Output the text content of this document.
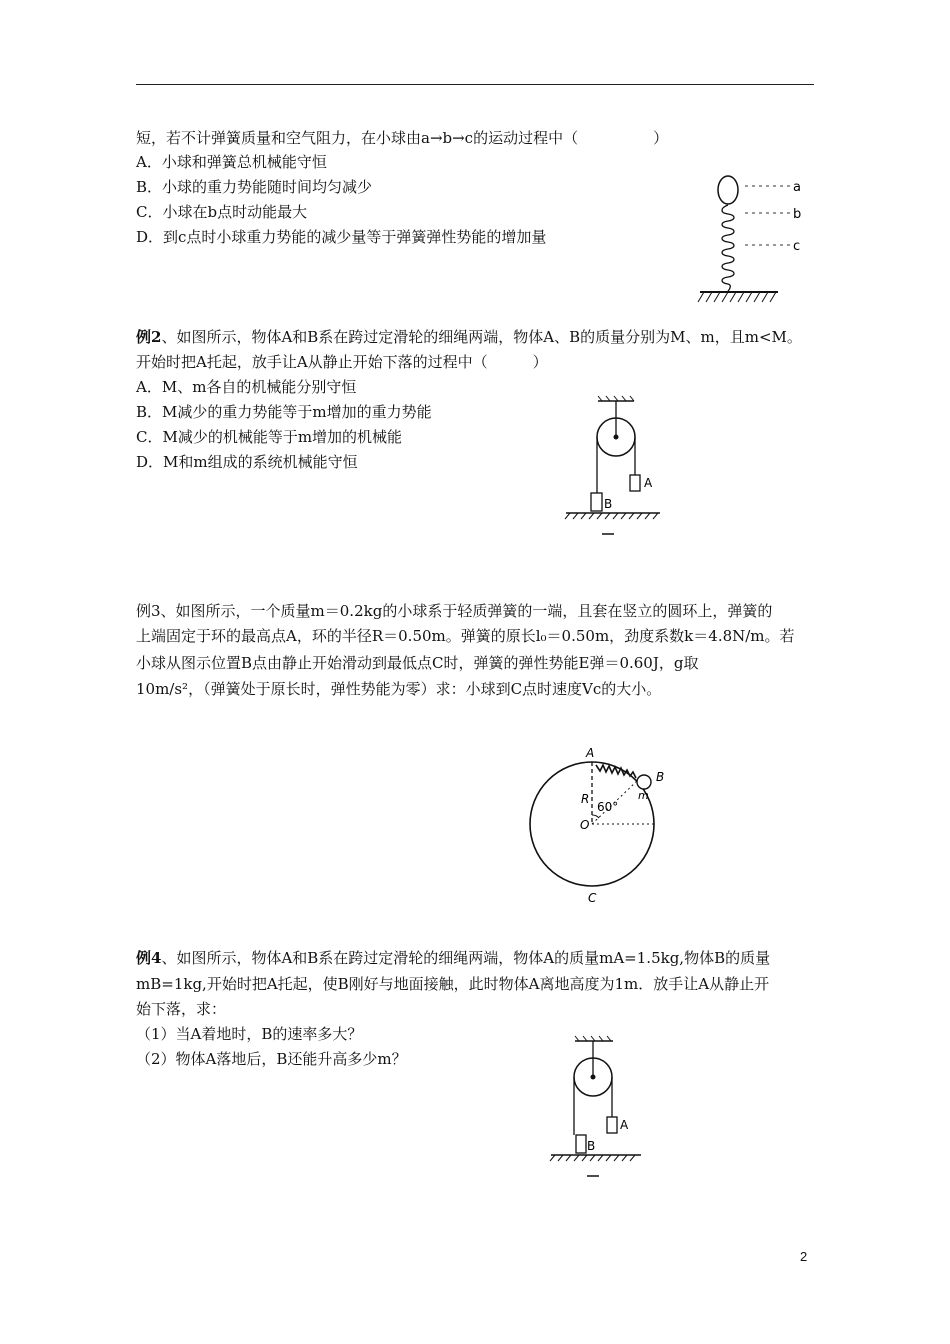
短，若不计弹簧质量和空气阻力，在小球由a→b→c的运动过程中（　　　　　）
A．小球和弹簧总机械能守恒
B．小球的重力势能随时间均匀减少
C．小球在b点时动能最大
D．到c点时小球重力势能的减少量等于弹簧弹性势能的增加量
a
b
c
例2、如图所示，物体A和B系在跨过定滑轮的细绳两端，物体A、B的质量分别为M、m，且m<M。
开始时把A托起，放手让A从静止开始下落的过程中（　　　）
A．M、m各自的机械能分别守恒
B．M减少的重力势能等于m增加的重力势能
C．M减少的机械能等于m增加的机械能
D．M和m组成的系统机械能守恒
B
A
例3、如图所示，一个质量m＝0.2kg的小球系于轻质弹簧的一端，且套在竖立的圆环上，弹簧的
上端固定于环的最高点A，环的半径R＝0.50m。弹簧的原长l₀＝0.50m，劲度系数k＝4.8N/m。若
小球从图示位置B点由静止开始滑动到最低点C时，弹簧的弹性势能E弹＝0.60J，g取
10m/s²，（弹簧处于原长时，弹性势能为零）求：小球到C点时速度Vc的大小。
A
B
m
R
60°
O
C
例4、如图所示，物体A和B系在跨过定滑轮的细绳两端，物体A的质量mA=1.5kg,物体B的质量
mB=1kg,开始时把A托起，使B刚好与地面接触，此时物体A离地高度为1m．放手让A从静止开
始下落，求：
（1）当A着地时，B的速率多大？
（2）物体A落地后，B还能升高多少m？
B
A
2
